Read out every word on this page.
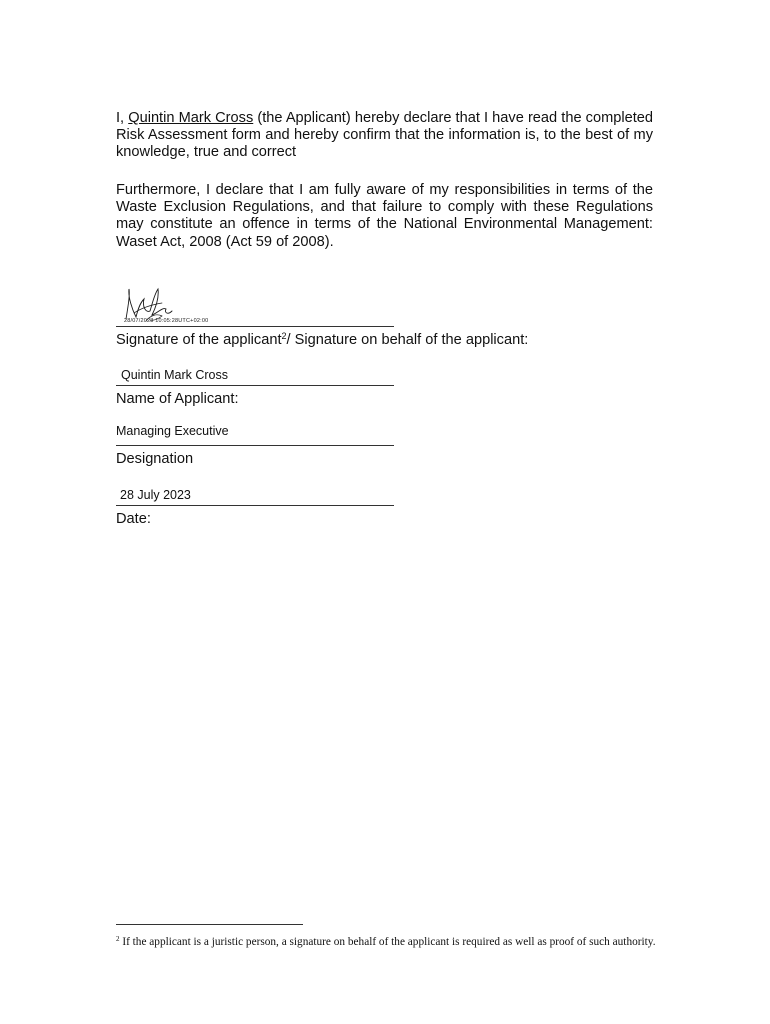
I, Quintin Mark Cross (the Applicant) hereby declare that I have read the completed Risk Assessment form and hereby confirm that the information is, to the best of my knowledge, true and correct

Furthermore, I declare that I am fully aware of my responsibilities in terms of the Waste Exclusion Regulations, and that failure to comply with these Regulations may constitute an offence in terms of the National Environmental Management: Waset Act, 2008 (Act 59 of 2008).

28/07/2023 10:05:28UTC+02:00
Signature of the applicant$^2$/ Signature on behalf of the applicant:
Quintin Mark Cross
Name of Applicant:
Managing Executive
Designation
28 July 2023
Date:

$^2$ If the applicant is a juristic person, a signature on behalf of the applicant is required as well as proof of such authority.
